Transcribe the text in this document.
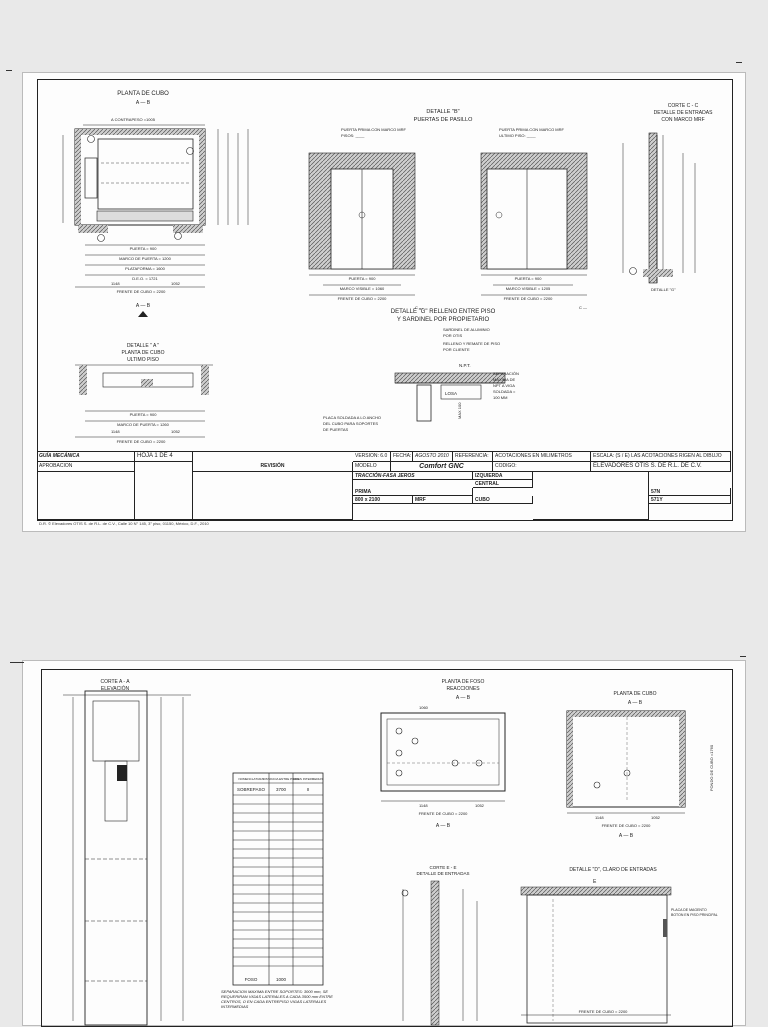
PLANTA DE CUBO
A — B
A CONTRAPESO =1005
PUERTA = 900
MARCO DE PUERTA = 1200
PLATAFORMA = 1600
D.E.O. = 1721
1148	1052
FRENTE DE CUBO = 2200
A — B
DETALLE "B"
PUERTAS DE PASILLO
PUERTA PRIMA CON MARCO MRF
PISOS: ____
PUERTA PRIMA CON MARCO MRF
ULTIMO PISO: ____
PUERTA = 900
MARCO VISIBLE = 1060
FRENTE DE CUBO = 2200
PUERTA = 900
MARCO VISIBLE = 1205
FRENTE DE CUBO = 2200
C —	C —
CORTE C - C
DETALLE DE ENTRADAS
CON MARCO MRF
DETALLE "G"
DETALLE "G" RELLENO ENTRE PISO
Y SARDINEL POR PROPIETARIO
SARDINEL DE ALUMINIO
POR OTIS
RELLENO Y REMATE DE PISO
POR CLIENTE
N.P.T.
LOSA
SEPARACIÓN
MÁXIMA DE
NPT A VIGA
SOLDADA =
100 MM
MAX 100
PLACA SOLDADA A LO ANCHO
DEL CUBO PARA SOPORTES
DE PUERTAS
DETALLE " A "
PLANTA DE CUBO
ULTIMO PISO
PUERTA = 900
MARCO DE PUERTA = 1260
1148	1052
FRENTE DE CUBO = 2200
GUÍA MECÁNICA
APROBACION
HOJA 1 DE 4
REVISIÓN
VERSION: 6.0	FECHA: AGOSTO 2010	REFERENCIA:	ACOTACIONES EN MILIMETROS	ESCALA: (S / E) LAS ACOTACIONES RIGEN AL DIBUJO
MODELO	Comfort GNC	CODIGO:	ELEVADORES OTIS S. DE R.L. DE C.V.
TRACCIÓN-FASA JEROS	IZQUIERDA
CENTRAL
PRIMA
800 x 2100	MRF	CUBO
57N
571Y
D.R. © Elevadores OTIS S. de R.L. de C.V., Calle 10 N° 145, 3° piso, 01150, México, D.F., 2010
CORTE A - A
ELEVACIÓN
NOMENCLATURA DISTANCIA ENTRE PISOS
VIGAS INTERMEDIAS
SOBREPASO 3700	II
FOSO	1000
SEPARACION MAXIMA ENTRE SOPORTES: 3000 mm, SE REQUERIRAN VIGAS LATERALES A CADA 3500 mm ENTRE CENTROS, O EN CADA ENTREPISO VIGAS LATERALES INTERMEDIAS
PLANTA DE FOSO
REACCIONES
A — B
1060
1148	1052
FRENTE DE CUBO = 2200
A — B
PLANTA DE CUBO
A — B
1148	1052
FRENTE DE CUBO = 2200
A — B
FONDO DE CUBO =1760
CORTE E - E
DETALLE DE ENTRADAS
DETALLE "D", CLARO DE ENTRADAS
E
PLACA DE MAGENTO
BOTON EN PISO PRINCIPAL
FRENTE DE CUBO = 2200
